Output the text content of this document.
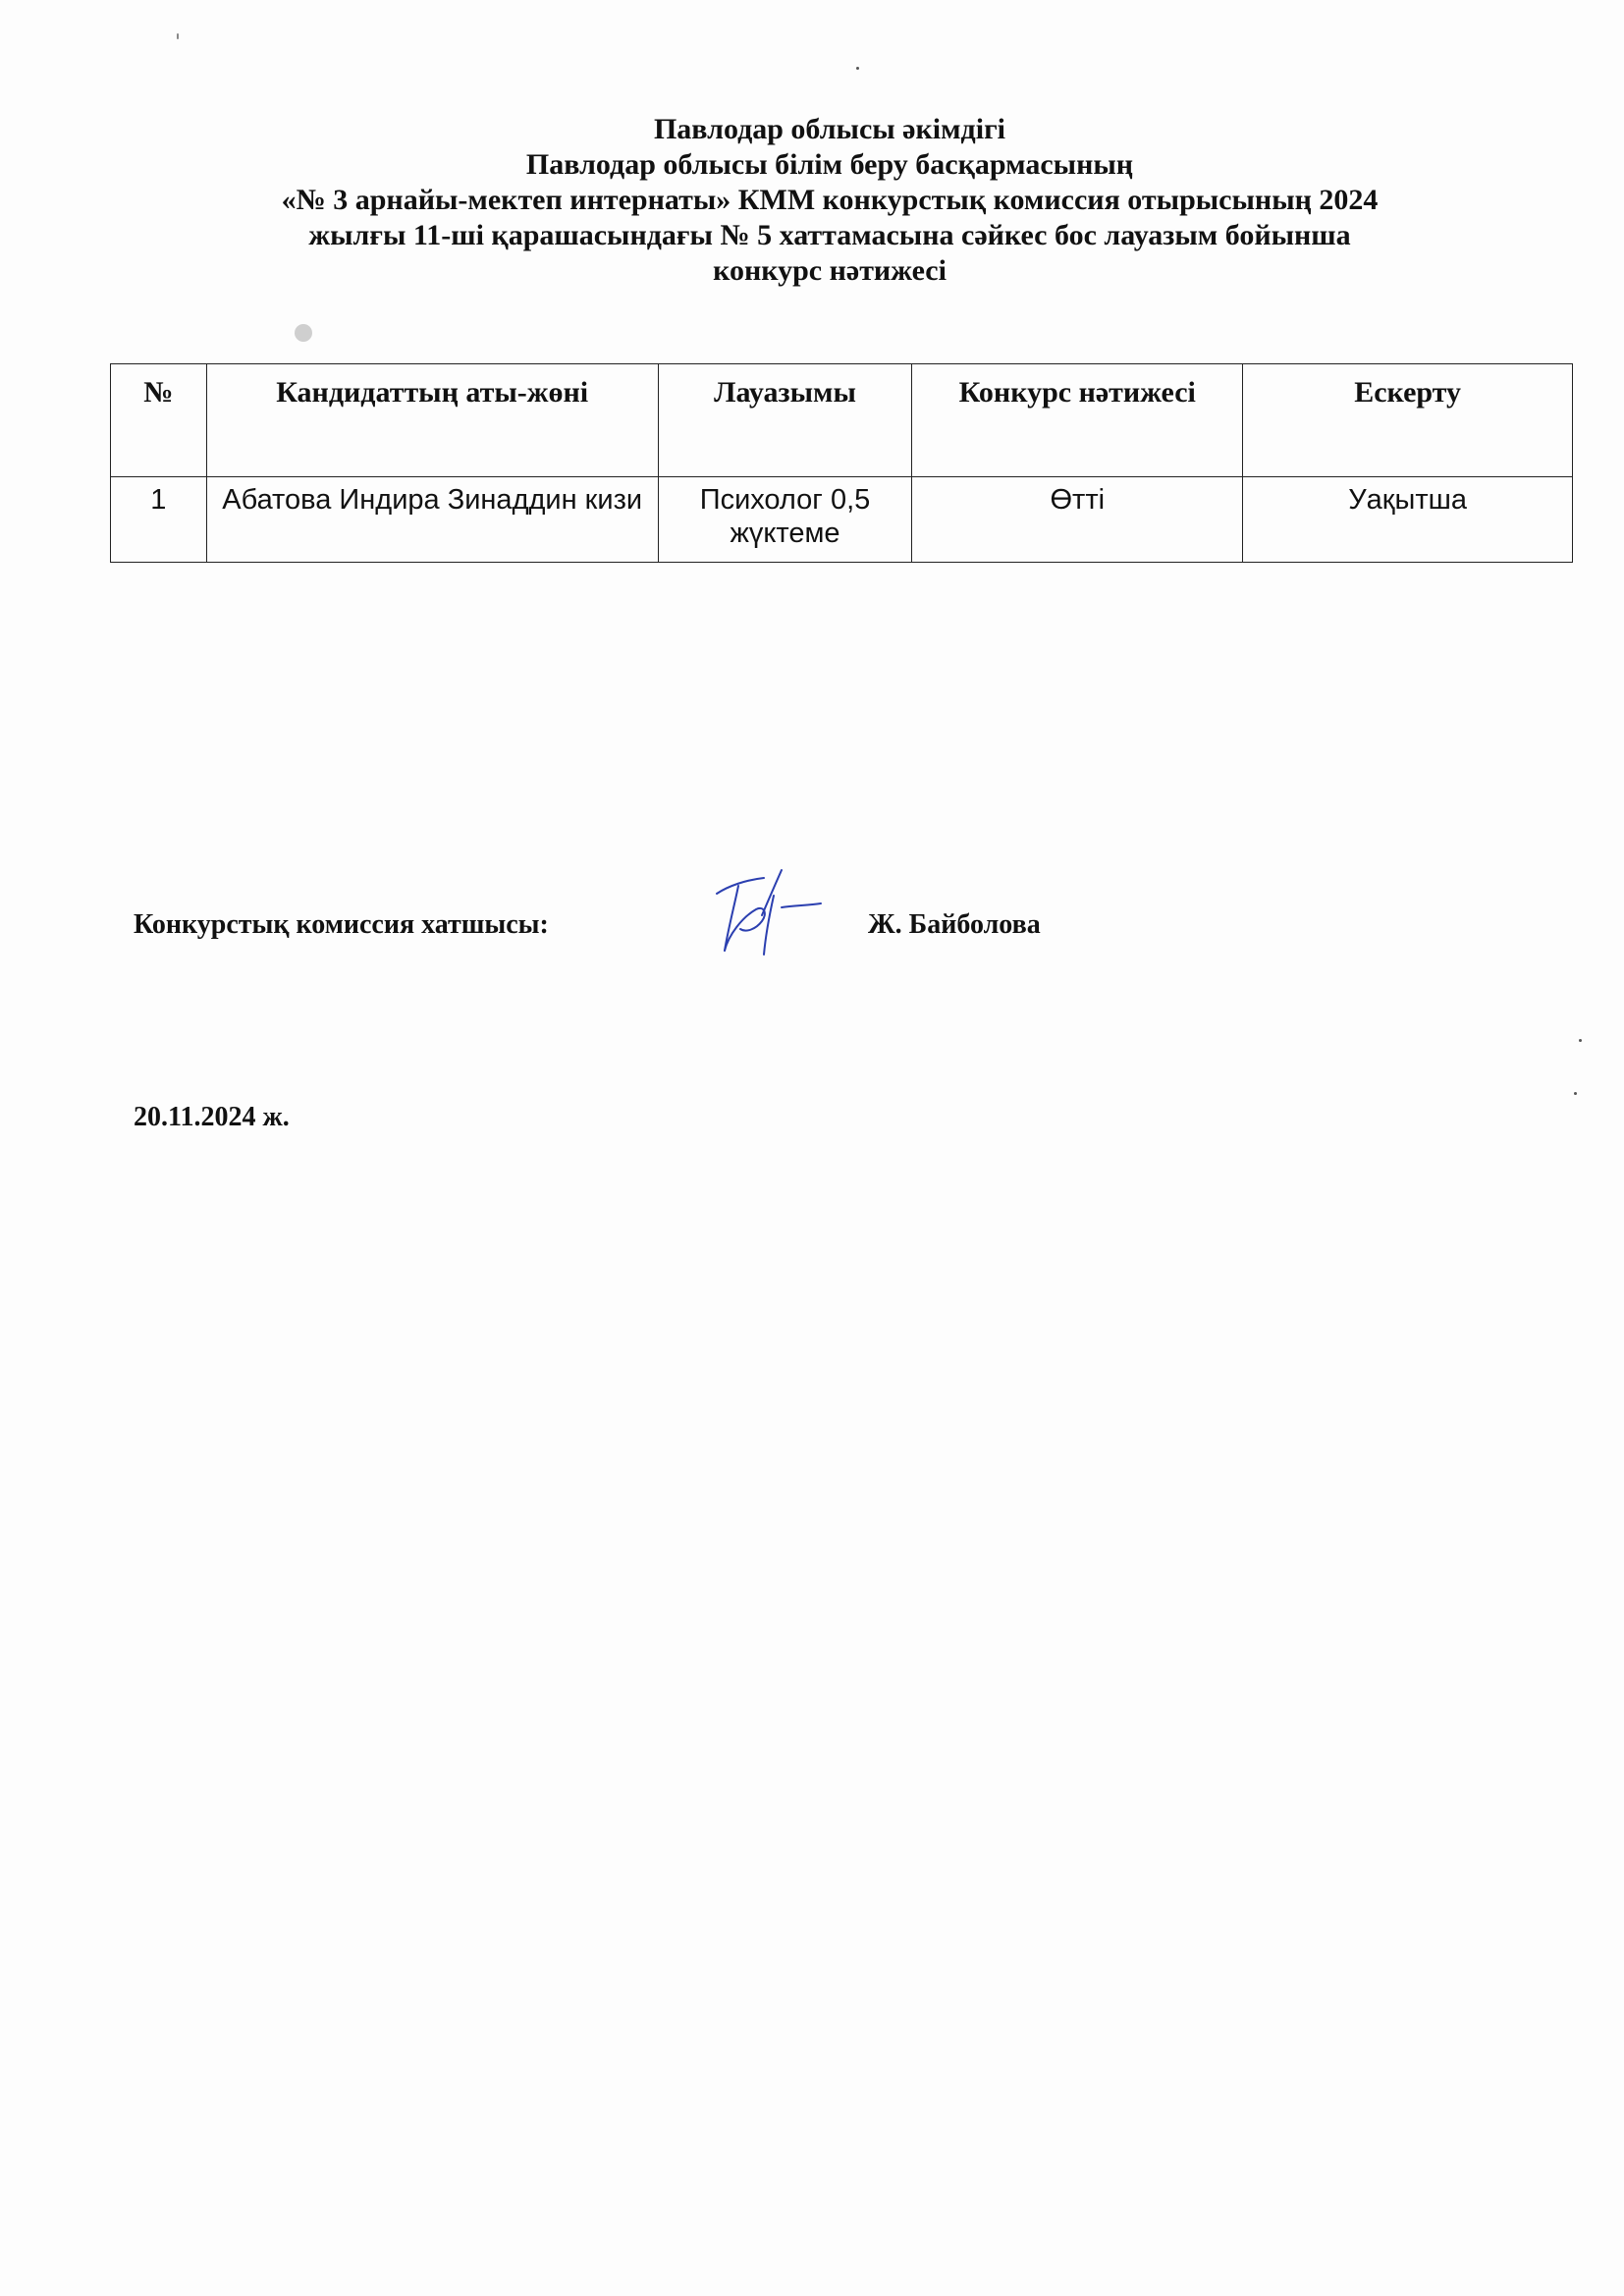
Павлодар облысы әкімдігі
Павлодар облысы білім беру басқармасының
«№ 3 арнайы-мектеп интернаты» КММ конкурстық комиссия отырысының 2024
жылғы 11-ші қарашасындағы № 5 хаттамасына сәйкес бос лауазым бойынша
конкурс нәтижесі
№	Кандидаттың аты-жөні	Лауазымы	Конкурс нәтижесі	Ескерту
1	Абатова Индира Зинаддин кизи	Психолог 0,5 жүктеме	Өтті	Уақытша
Конкурстық комиссия хатшысы:	Ж. Байболова
20.11.2024 ж.
